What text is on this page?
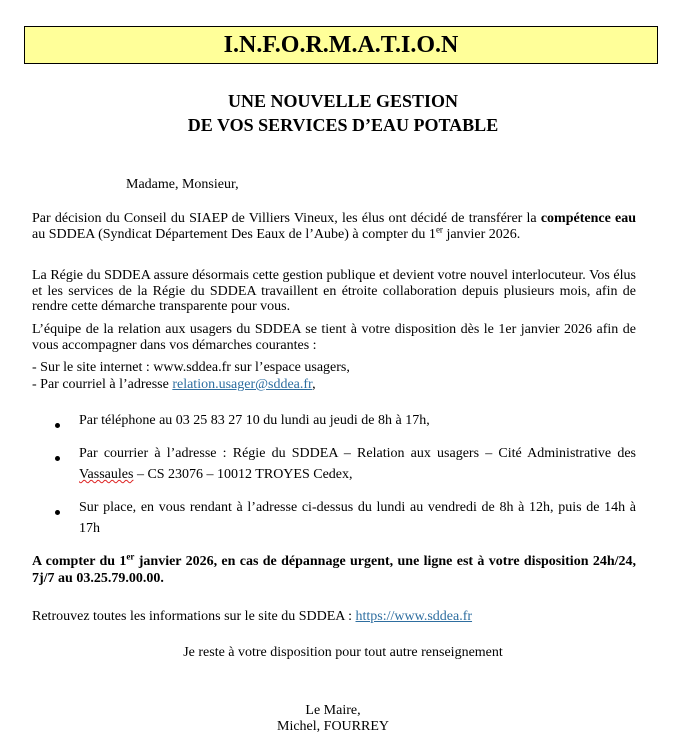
I.N.F.O.R.M.A.T.I.O.N
UNE NOUVELLE GESTION
DE VOS SERVICES D’EAU POTABLE
Madame, Monsieur,
Par décision du Conseil du SIAEP de Villiers Vineux, les élus ont décidé de transférer la compétence eau au SDDEA (Syndicat Département Des Eaux de l’Aube) à compter du 1er janvier 2026.
La Régie du SDDEA assure désormais cette gestion publique et devient votre nouvel interlocuteur. Vos élus et les services de la Régie du SDDEA travaillent en étroite collaboration depuis plusieurs mois, afin de rendre cette démarche transparente pour vous.
L’équipe de la relation aux usagers du SDDEA se tient à votre disposition dès le 1er janvier 2026 afin de vous accompagner dans vos démarches courantes :
- Sur le site internet : www.sddea.fr sur l’espace usagers,
- Par courriel à l’adresse relation.usager@sddea.fr,
Par téléphone au 03 25 83 27 10 du lundi au jeudi de 8h à 17h,
Par courrier à l’adresse : Régie du SDDEA – Relation aux usagers – Cité Administrative des Vassaules – CS 23076 – 10012 TROYES Cedex,
Sur place, en vous rendant à l’adresse ci-dessus du lundi au vendredi de 8h à 12h, puis de 14h à 17h
A compter du 1er janvier 2026, en cas de dépannage urgent, une ligne est à votre disposition 24h/24, 7j/7 au 03.25.79.00.00.
Retrouvez toutes les informations sur le site du SDDEA : https://www.sddea.fr
Je reste à votre disposition pour tout autre renseignement
Le Maire,
Michel, FOURREY
